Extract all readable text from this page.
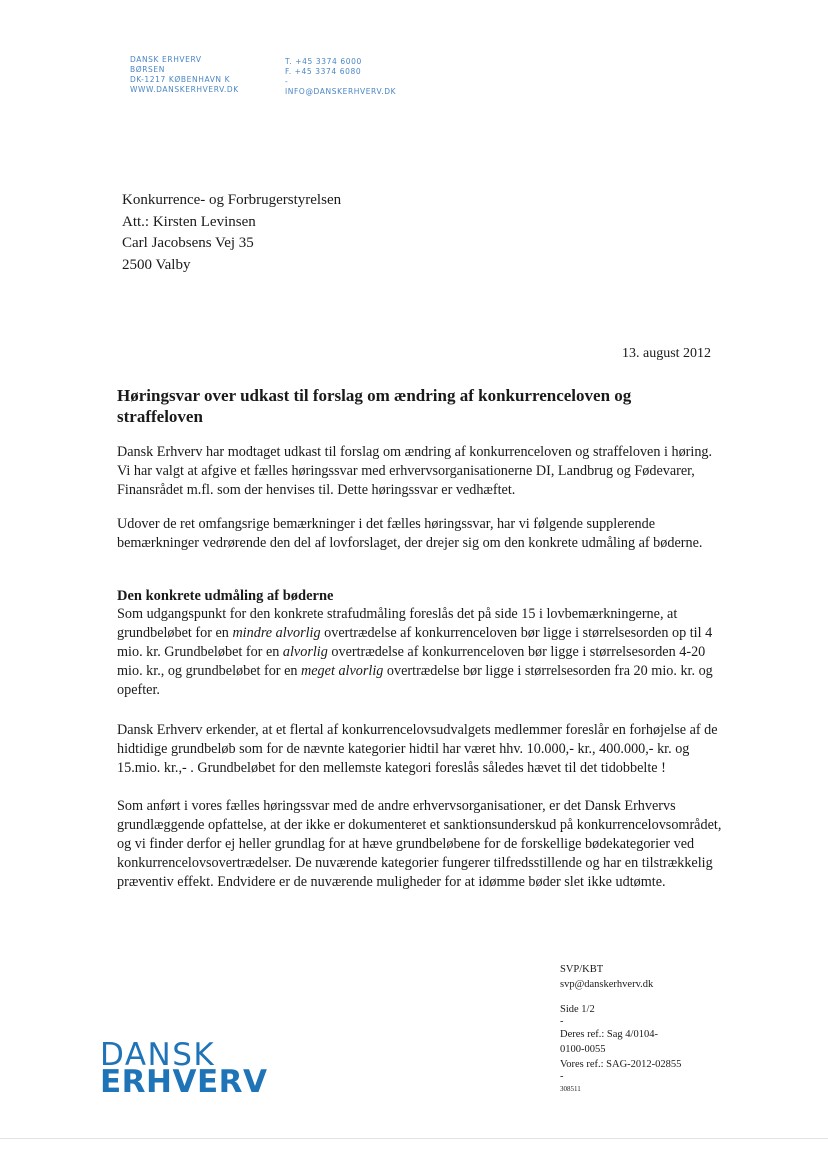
DANSK ERHVERV
BØRSEN
DK-1217 KØBENHAVN K
WWW.DANSKERHVERV.DK
T. +45 3374 6000
F. +45 3374 6080
-
INFO@DANSKERHVERV.DK
Konkurrence- og Forbrugerstyrelsen
Att.: Kirsten Levinsen
Carl Jacobsens Vej 35
2500 Valby
13. august 2012
Høringsvar over udkast til forslag om ændring af konkurrenceloven og straffeloven
Dansk Erhverv har modtaget udkast til forslag om ændring af konkurrenceloven og straffeloven i høring. Vi har valgt at afgive et fælles høringssvar med erhvervsorganisationerne DI, Landbrug og Fødevarer, Finansrådet m.fl. som der henvises til. Dette høringssvar er vedhæftet.
Udover de ret omfangsrige bemærkninger i det fælles høringssvar, har vi følgende supplerende bemærkninger vedrørende den del af lovforslaget, der drejer sig om den konkrete udmåling af bøderne.
Den konkrete udmåling af bøderne
Som udgangspunkt for den konkrete strafudmåling foreslås det på side 15 i lovbemærkningerne, at grundbeløbet for en mindre alvorlig overtrædelse af konkurrenceloven bør ligge i størrelsesorden op til 4 mio. kr. Grundbeløbet for en alvorlig overtrædelse af konkurrenceloven bør ligge i størrelsesorden 4-20 mio. kr., og grundbeløbet for en meget alvorlig overtrædelse bør ligge i størrelsesorden fra 20 mio. kr. og opefter.
Dansk Erhverv erkender, at et flertal af konkurrencelovsudvalgets medlemmer foreslår en forhøjelse af de hidtidige grundbeløb som for de nævnte kategorier hidtil har været hhv. 10.000,- kr., 400.000,- kr. og 15.mio. kr.,- . Grundbeløbet for den mellemste kategori foreslås således hævet til det tidobbelte !
Som anført i vores fælles høringssvar med de andre erhvervsorganisationer, er det Dansk Erhvervs grundlæggende opfattelse, at der ikke er dokumenteret et sanktionsunderskud på konkurrencelovsområdet, og vi finder derfor ej heller grundlag for at hæve grundbeløbene for de forskellige bødekategorier ved konkurrencelovsovertrædelser. De nuværende kategorier fungerer tilfredsstillende og har en tilstrækkelig præventiv effekt. Endvidere er de nuværende muligheder for at idømme bøder slet ikke udtømte.
SVP/KBT
svp@danskerhverv.dk
Side 1/2
-
Deres ref.: Sag 4/0104-0100-0055
Vores ref.: SAG-2012-02855
-
308511
DANSK
ERHVERV
